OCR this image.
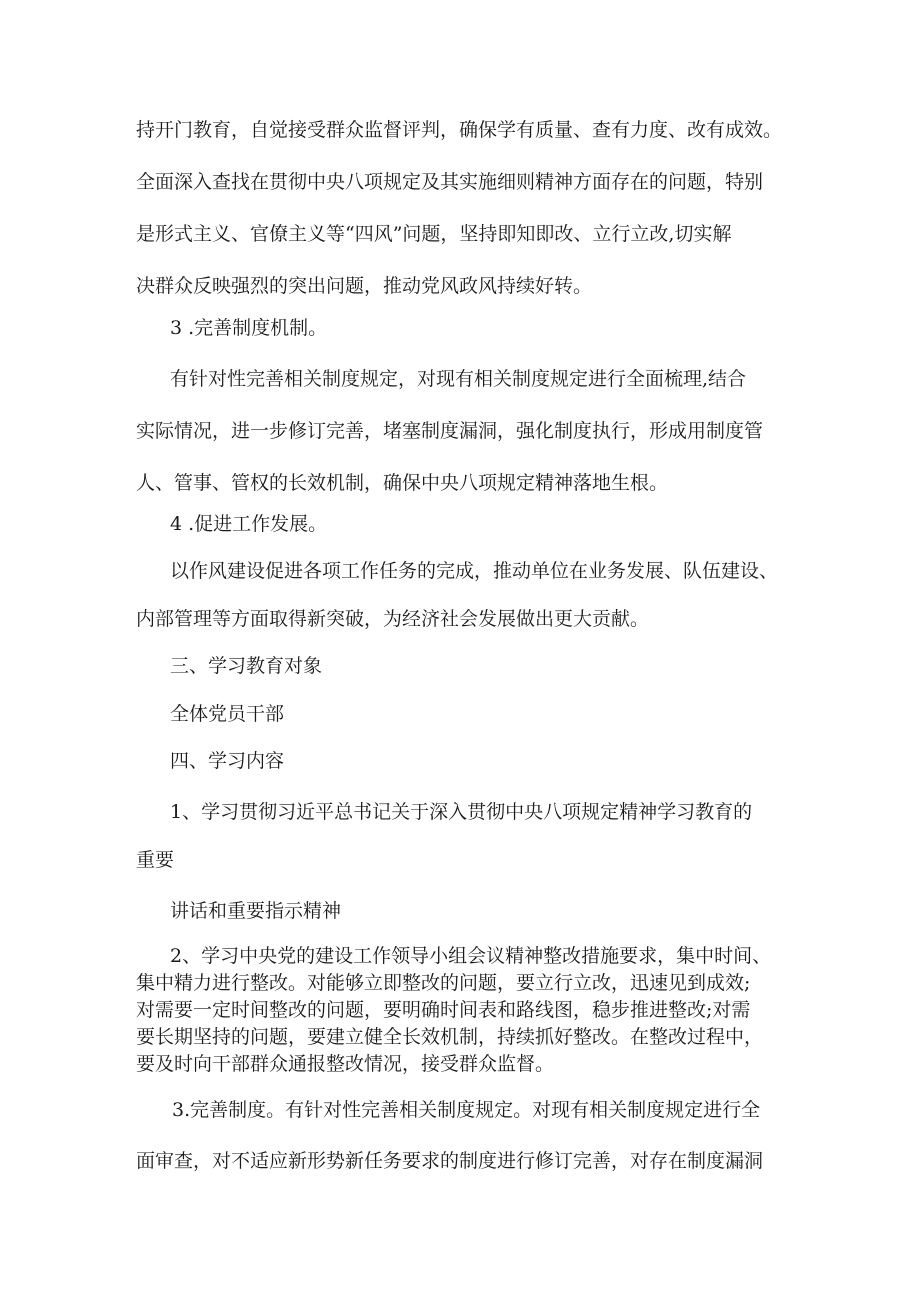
持开门教育，自觉接受群众监督评判，确保学有质量、查有力度、改有成效。
全面深入查找在贯彻中央八项规定及其实施细则精神方面存在的问题，特别
是形式主义、官僚主义等“四风”问题，坚持即知即改、立行立改,切实解
决群众反映强烈的突出问题，推动党风政风持续好转。
3 .完善制度机制。
有针对性完善相关制度规定，对现有相关制度规定进行全面梳理,结合
实际情况，进一步修订完善，堵塞制度漏洞，强化制度执行，形成用制度管
人、管事、管权的长效机制，确保中央八项规定精神落地生根。
4 .促进工作发展。
以作风建设促进各项工作任务的完成，推动单位在业务发展、队伍建设、
内部管理等方面取得新突破，为经济社会发展做出更大贡献。
三、学习教育对象
全体党员干部
四、学习内容
1、学习贯彻习近平总书记关于深入贯彻中央八项规定精神学习教育的
重要
讲话和重要指示精神
2、学习中央党的建设工作领导小组会议精神整改措施要求，集中时间、
集中精力进行整改。对能够立即整改的问题，要立行立改，迅速见到成效;
对需要一定时间整改的问题，要明确时间表和路线图，稳步推进整改;对需
要长期坚持的问题，要建立健全长效机制，持续抓好整改。在整改过程中，
要及时向干部群众通报整改情况，接受群众监督。
3.完善制度。有针对性完善相关制度规定。对现有相关制度规定进行全
面审查，对不适应新形势新任务要求的制度进行修订完善，对存在制度漏洞
